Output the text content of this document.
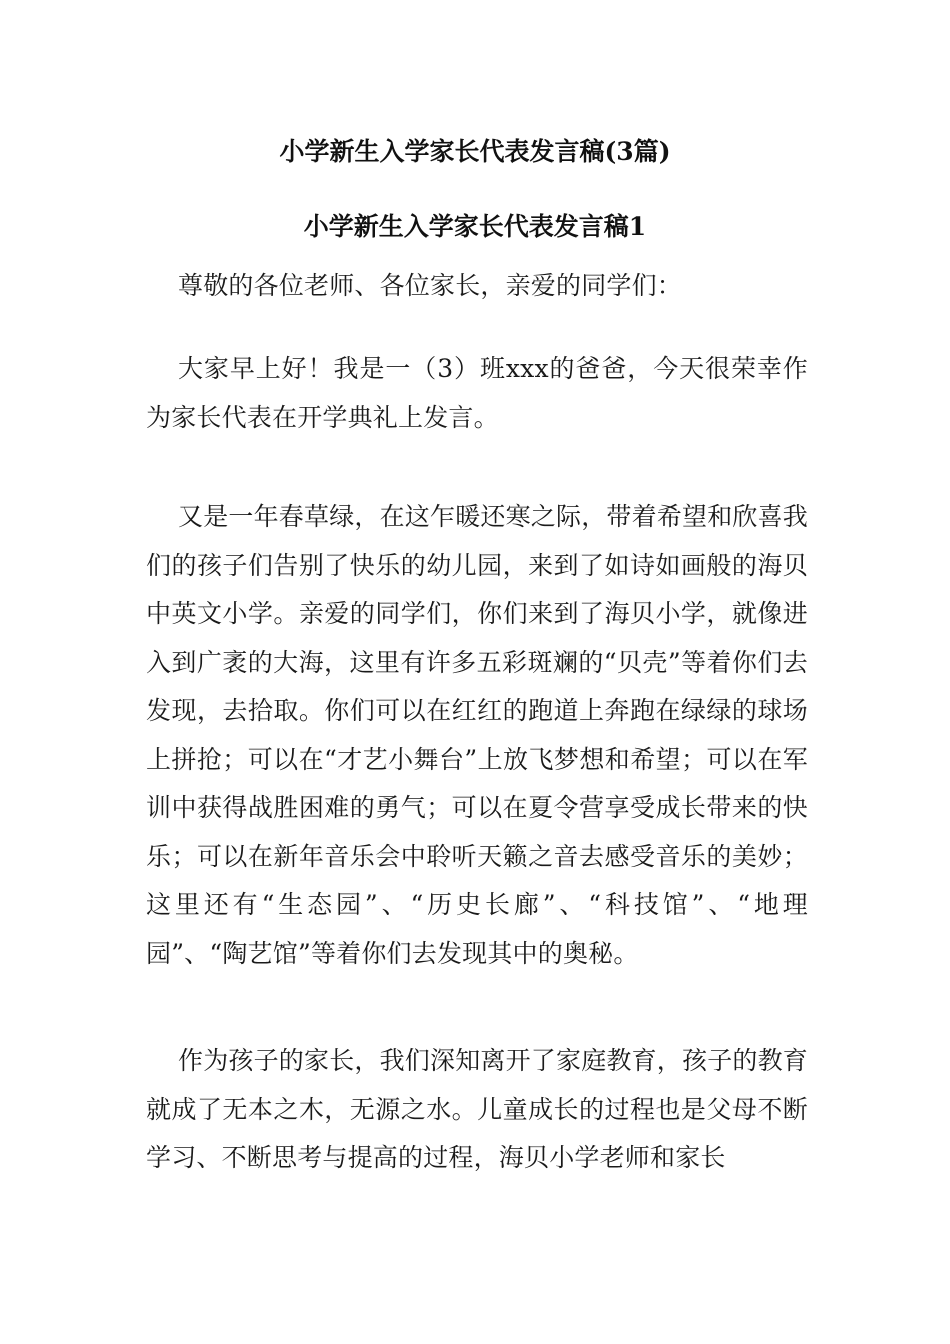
小学新生入学家长代表发言稿(3篇)
小学新生入学家长代表发言稿1
尊敬的各位老师、各位家长，亲爱的同学们：
大家早上好！我是一（3）班xxx的爸爸，今天很荣幸作为家长代表在开学典礼上发言。
又是一年春草绿，在这乍暖还寒之际，带着希望和欣喜我们的孩子们告别了快乐的幼儿园，来到了如诗如画般的海贝中英文小学。亲爱的同学们，你们来到了海贝小学，就像进入到广袤的大海，这里有许多五彩斑斓的“贝壳”等着你们去发现，去拾取。你们可以在红红的跑道上奔跑在绿绿的球场上拼抢；可以在“才艺小舞台”上放飞梦想和希望；可以在军训中获得战胜困难的勇气；可以在夏令营享受成长带来的快乐；可以在新年音乐会中聆听天籁之音去感受音乐的美妙；这里还有“生态园”、“历史长廊”、“科技馆”、“地理园”、“陶艺馆”等着你们去发现其中的奥秘。
作为孩子的家长，我们深知离开了家庭教育，孩子的教育就成了无本之木，无源之水。儿童成长的过程也是父母不断学习、不断思考与提高的过程，海贝小学老师和家长
